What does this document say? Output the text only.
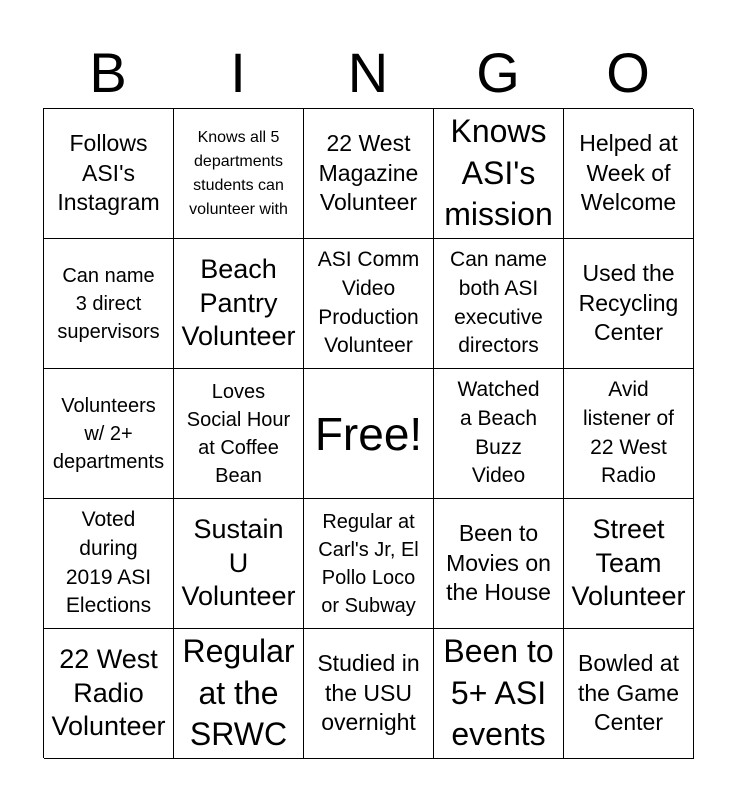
B	I	N	G	O
Follows
ASI's
Instagram
Knows all 5
departments
students can
volunteer with
22 West
Magazine
Volunteer
Knows
ASI's
mission
Helped at
Week of
Welcome
Can name
3 direct
supervisors
Beach
Pantry
Volunteer
ASI Comm
Video
Production
Volunteer
Can name
both ASI
executive
directors
Used the
Recycling
Center
Volunteers
w/ 2+
departments
Loves
Social Hour
at Coffee
Bean
Free!
Watched
a Beach
Buzz
Video
Avid
listener of
22 West
Radio
Voted
during
2019 ASI
Elections
Sustain
U
Volunteer
Regular at
Carl's Jr, El
Pollo Loco
or Subway
Been to
Movies on
the House
Street
Team
Volunteer
22 West
Radio
Volunteer
Regular
at the
SRWC
Studied in
the USU
overnight
Been to
5+ ASI
events
Bowled at
the Game
Center
